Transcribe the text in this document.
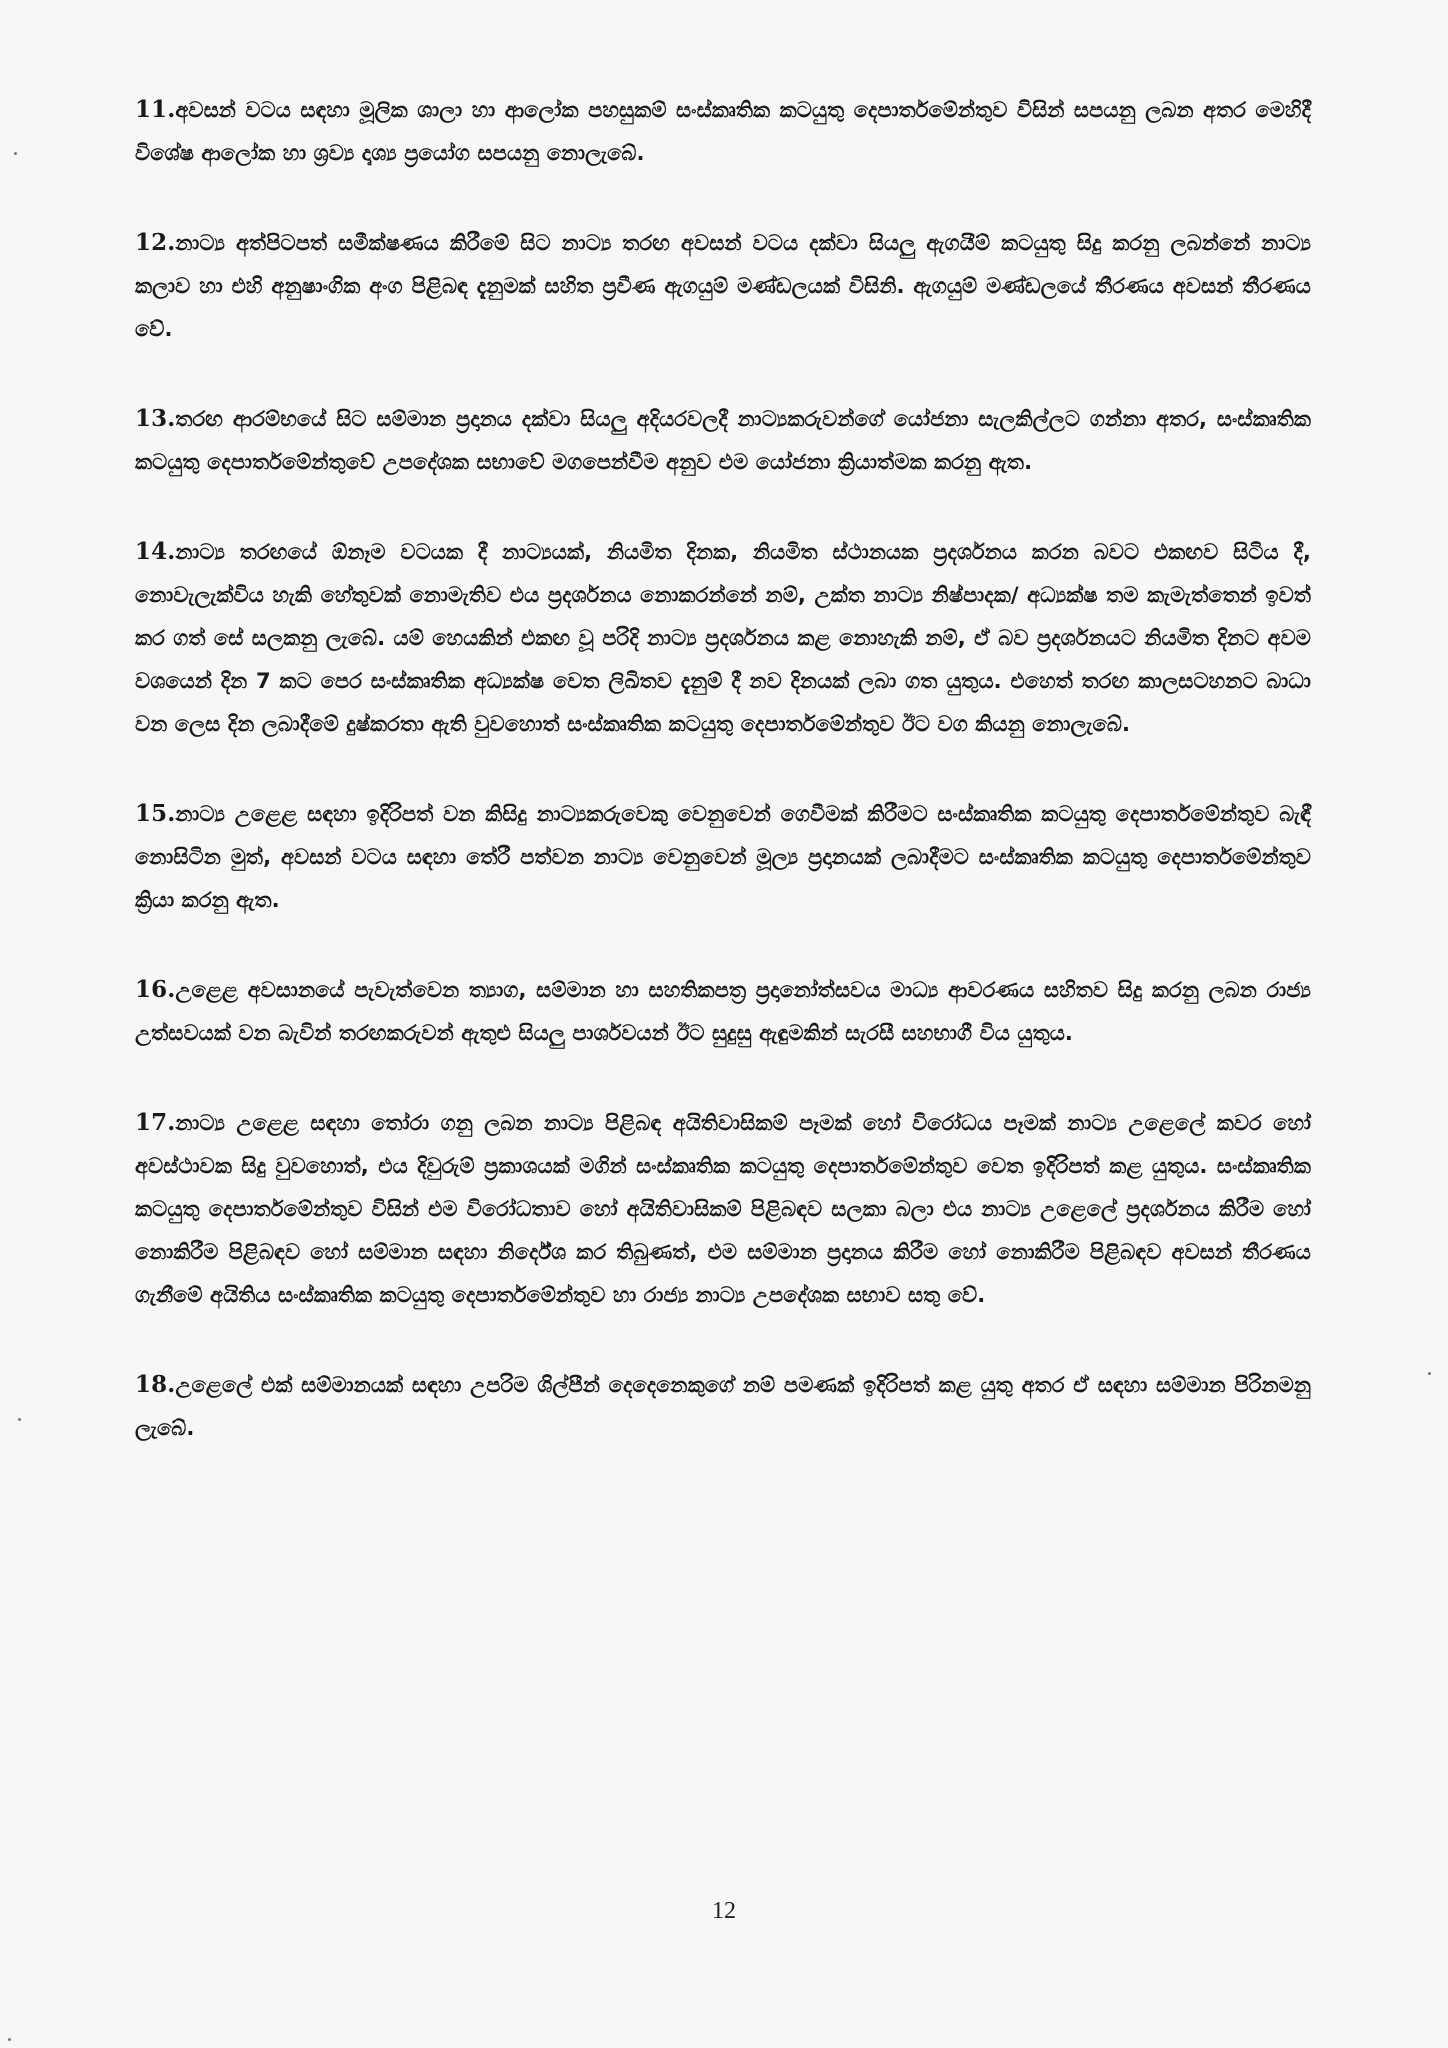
11.අවසන් වටය සඳහා මූලික ශාලා හා ආලෝක පහසුකම් සංස්කෘතික කටයුතු දෙපාර්තමේන්තුව විසින් සපයනු ලබන අතර මෙහිදී විශේෂ ආලෝක හා ශ්‍රව්‍ය දෘශ්‍ය ප්‍රයෝග සපයනු නොලැබේ.

12.නාට්‍ය අත්පිටපත් සමීක්ෂණය කිරීමේ සිට නාට්‍ය තරඟ අවසන් වටය දක්වා සියලු ඇගයීම් කටයුතු සිදු කරනු ලබන්නේ නාට්‍ය කලාව හා එහි අනුෂාංගික අංග පිළිබඳ දැනුමක් සහිත ප්‍රවීණ ඇගයුම් මණ්ඩලයක් විසිනි. ඇගයුම් මණ්ඩලයේ තීරණය අවසන් තීරණය වේ.

13.තරඟ ආරම්භයේ සිට සම්මාන ප්‍රදානය දක්වා සියලු අදියරවලදී නාට්‍යකරුවන්ගේ යෝජනා සැලකිල්ලට ගන්නා අතර, සංස්කෘතික කටයුතු දෙපාර්තමේන්තුවේ උපදේශක සභාවේ මගපෙන්වීම අනුව එම යෝජනා ක්‍රියාත්මක කරනු ඇත.

14.නාට්‍ය තරඟයේ ඕනෑම වටයක දී නාට්‍යයක්, නියමිත දිනක, නියමිත ස්ථානයක ප්‍රදර්ශනය කරන බවට එකඟව සිටිය දී, නොවැලැක්විය හැකි හේතුවක් නොමැතිව එය ප්‍රදර්ශනය නොකරන්නේ නම්, උක්ත නාට්‍ය නිෂ්පාදක/ අධ්‍යක්ෂ තම කැමැත්තෙන් ඉවත් කර ගත් සේ සලකනු ලැබේ. යම් හෙයකින් එකඟ වූ පරිදි නාට්‍ය ප්‍රදර්ශනය කළ නොහැකි නම්, ඒ බව ප්‍රදර්ශනයට නියමිත දිනට අවම වශයෙන් දින 7 කට පෙර සංස්කෘතික අධ්‍යක්ෂ වෙත ලිඛිතව දැනුම් දී නව දිනයක් ලබා ගත යුතුය. එහෙත් තරඟ කාලසටහනට බාධා වන ලෙස දින ලබාදීමේ දුෂ්කරතා ඇති වුවහොත් සංස්කෘතික කටයුතු දෙපාර්තමේන්තුව ඊට වග කියනු නොලැබේ.

15.නාට්‍ය උළෙළ සඳහා ඉදිරිපත් වන කිසිදු නාට්‍යකරුවෙකු වෙනුවෙන් ගෙවීමක් කිරීමට සංස්කෘතික කටයුතු දෙපාර්තමේන්තුව බැඳී නොසිටින මුත්, අවසන් වටය සඳහා තේරී පත්වන නාට්‍ය වෙනුවෙන් මූල්‍ය ප්‍රදානයක් ලබාදීමට සංස්කෘතික කටයුතු දෙපාර්තමේන්තුව ක්‍රියා කරනු ඇත.

16.උළෙළ අවසානයේ පැවැත්වෙන ත්‍යාග, සම්මාන හා සහතිකපත්‍ර ප්‍රදානෝත්සවය මාධ්‍ය ආවරණය සහිතව සිදු කරනු ලබන රාජ්‍ය උත්සවයක් වන බැවින් තරඟකරුවන් ඇතුළු සියලු පාර්ශවයන් ඊට සුදුසු ඇඳුමකින් සැරසී සහභාගී විය යුතුය.

17.නාට්‍ය උළෙළ සඳහා තෝරා ගනු ලබන නාට්‍ය පිළිබඳ අයිතිවාසිකම් පෑමක් හෝ විරෝධය පෑමක් නාට්‍ය උළෙලේ කවර හෝ අවස්ථාවක සිදු වුවහොත්, එය දිවුරුම් ප්‍රකාශයක් මගින් සංස්කෘතික කටයුතු දෙපාර්තමේන්තුව වෙත ඉදිරිපත් කළ යුතුය. සංස්කෘතික කටයුතු දෙපාර්තමේන්තුව විසින් එම විරෝධතාව හෝ අයිතිවාසිකම් පිළිබඳව සලකා බලා එය නාට්‍ය උළෙලේ ප්‍රදර්ශනය කිරීම හෝ නොකිරීම පිළිබඳව හෝ සම්මාන සඳහා නිර්දේශ කර තිබුණත්, එම සම්මාන ප්‍රදානය කිරීම හෝ නොකිරීම පිළිබඳව අවසන් තීරණය ගැනීමේ අයිතිය සංස්කෘතික කටයුතු දෙපාර්තමේන්තුව හා රාජ්‍ය නාට්‍ය උපදේශක සභාව සතු වේ.

18.උළෙලේ එක් සම්මානයක් සඳහා උපරිම ශිල්පීන් දෙදෙනෙකුගේ නම් පමණක් ඉදිරිපත් කළ යුතු අතර ඒ සඳහා සම්මාන පිරිනමනු ලැබේ.

12
